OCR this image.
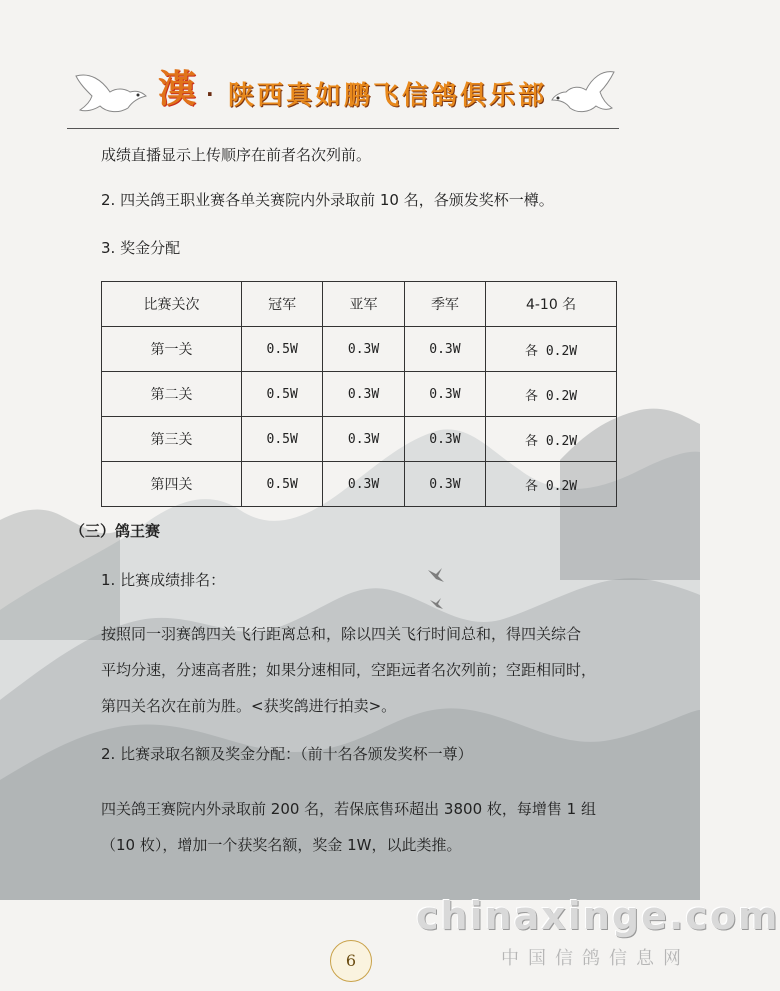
漢 · 陕西真如鹏飞信鸽俱乐部
成绩直播显示上传顺序在前者名次列前。
2. 四关鸽王职业赛各单关赛院内外录取前 10 名，各颁发奖杯一樽。
3. 奖金分配
比赛关次	冠军	亚军	季军	4-10 名
第一关	0.5W	0.3W	0.3W	各 0.2W
第二关	0.5W	0.3W	0.3W	各 0.2W
第三关	0.5W	0.3W	0.3W	各 0.2W
第四关	0.5W	0.3W	0.3W	各 0.2W
（三）鸽王赛
1. 比赛成绩排名：
按照同一羽赛鸽四关飞行距离总和，除以四关飞行时间总和，得四关综合
平均分速，分速高者胜；如果分速相同，空距远者名次列前；空距相同时，
第四关名次在前为胜。<获奖鸽进行拍卖>。
2. 比赛录取名额及奖金分配：（前十名各颁发奖杯一尊）
四关鸽王赛院内外录取前 200 名，若保底售环超出 3800 枚，每增售 1 组
（10 枚），增加一个获奖名额，奖金 1W，以此类推。
chinaxinge.com
中国信鸽信息网
6
